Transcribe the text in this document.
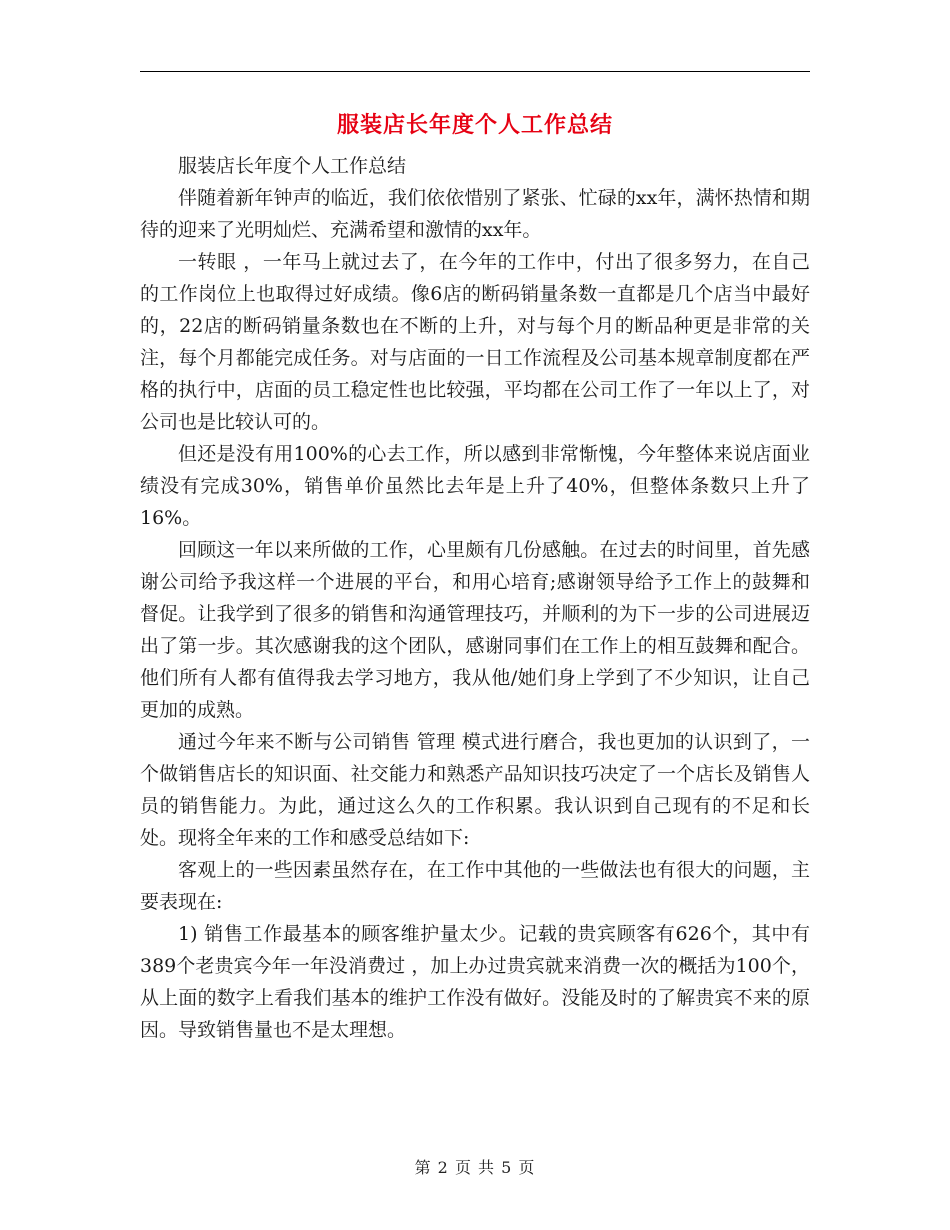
服装店长年度个人工作总结

服装店长年度个人工作总结

伴随着新年钟声的临近，我们依依惜别了紧张、忙碌的xx年，满怀热情和期待的迎来了光明灿烂、充满希望和激情的xx年。

一转眼 ，一年马上就过去了，在今年的工作中，付出了很多努力，在自己的工作岗位上也取得过好成绩。像6店的断码销量条数一直都是几个店当中最好的，22店的断码销量条数也在不断的上升，对与每个月的断品种更是非常的关注，每个月都能完成任务。对与店面的一日工作流程及公司基本规章制度都在严格的执行中，店面的员工稳定性也比较强，平均都在公司工作了一年以上了，对公司也是比较认可的。

但还是没有用100%的心去工作，所以感到非常惭愧，今年整体来说店面业绩没有完成30%，销售单价虽然比去年是上升了40%，但整体条数只上升了16%。

回顾这一年以来所做的工作，心里颇有几份感触。在过去的时间里，首先感谢公司给予我这样一个进展的平台，和用心培育;感谢领导给予工作上的鼓舞和督促。让我学到了很多的销售和沟通管理技巧，并顺利的为下一步的公司进展迈出了第一步。其次感谢我的这个团队，感谢同事们在工作上的相互鼓舞和配合。他们所有人都有值得我去学习地方，我从他/她们身上学到了不少知识，让自己更加的成熟。

通过今年来不断与公司销售 管理 模式进行磨合，我也更加的认识到了，一个做销售店长的知识面、社交能力和熟悉产品知识技巧决定了一个店长及销售人员的销售能力。为此，通过这么久的工作积累。我认识到自己现有的不足和长处。现将全年来的工作和感受总结如下:

客观上的一些因素虽然存在，在工作中其他的一些做法也有很大的问题，主要表现在:

1) 销售工作最基本的顾客维护量太少。记载的贵宾顾客有626个，其中有389个老贵宾今年一年没消费过 ，加上办过贵宾就来消费一次的概括为100个，从上面的数字上看我们基本的维护工作没有做好。没能及时的了解贵宾不来的原因。导致销售量也不是太理想。

第 2 页 共 5 页
